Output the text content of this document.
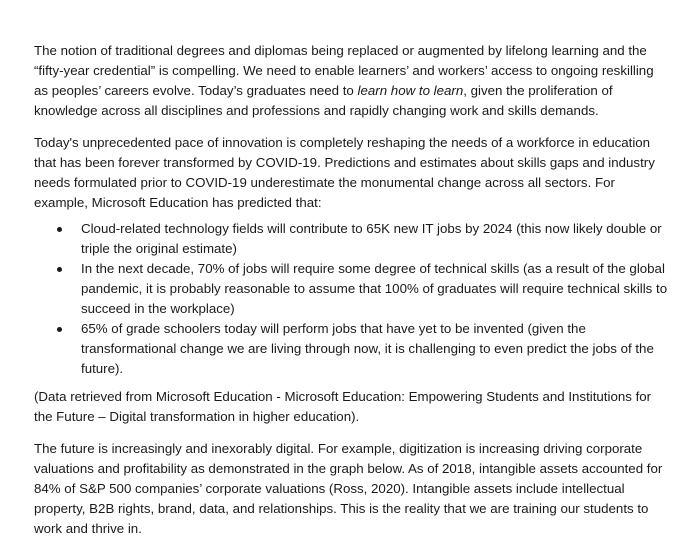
The notion of traditional degrees and diplomas being replaced or augmented by lifelong learning and the “fifty-year credential” is compelling. We need to enable learners’ and workers’ access to ongoing reskilling as peoples’ careers evolve. Today’s graduates need to learn how to learn, given the proliferation of knowledge across all disciplines and professions and rapidly changing work and skills demands.

Today's unprecedented pace of innovation is completely reshaping the needs of a workforce in education that has been forever transformed by COVID-19. Predictions and estimates about skills gaps and industry needs formulated prior to COVID-19 underestimate the monumental change across all sectors. For example, Microsoft Education has predicted that:

Cloud-related technology fields will contribute to 65K new IT jobs by 2024 (this now likely double or triple the original estimate)
In the next decade, 70% of jobs will require some degree of technical skills (as a result of the global pandemic, it is probably reasonable to assume that 100% of graduates will require technical skills to succeed in the workplace)
65% of grade schoolers today will perform jobs that have yet to be invented (given the transformational change we are living through now, it is challenging to even predict the jobs of the future).

(Data retrieved from Microsoft Education - Microsoft Education: Empowering Students and Institutions for the Future – Digital transformation in higher education).

The future is increasingly and inexorably digital. For example, digitization is increasing driving corporate valuations and profitability as demonstrated in the graph below. As of 2018, intangible assets accounted for 84% of S&P 500 companies’ corporate valuations (Ross, 2020). Intangible assets include intellectual property, B2B rights, brand, data, and relationships. This is the reality that we are training our students to work and thrive in.
